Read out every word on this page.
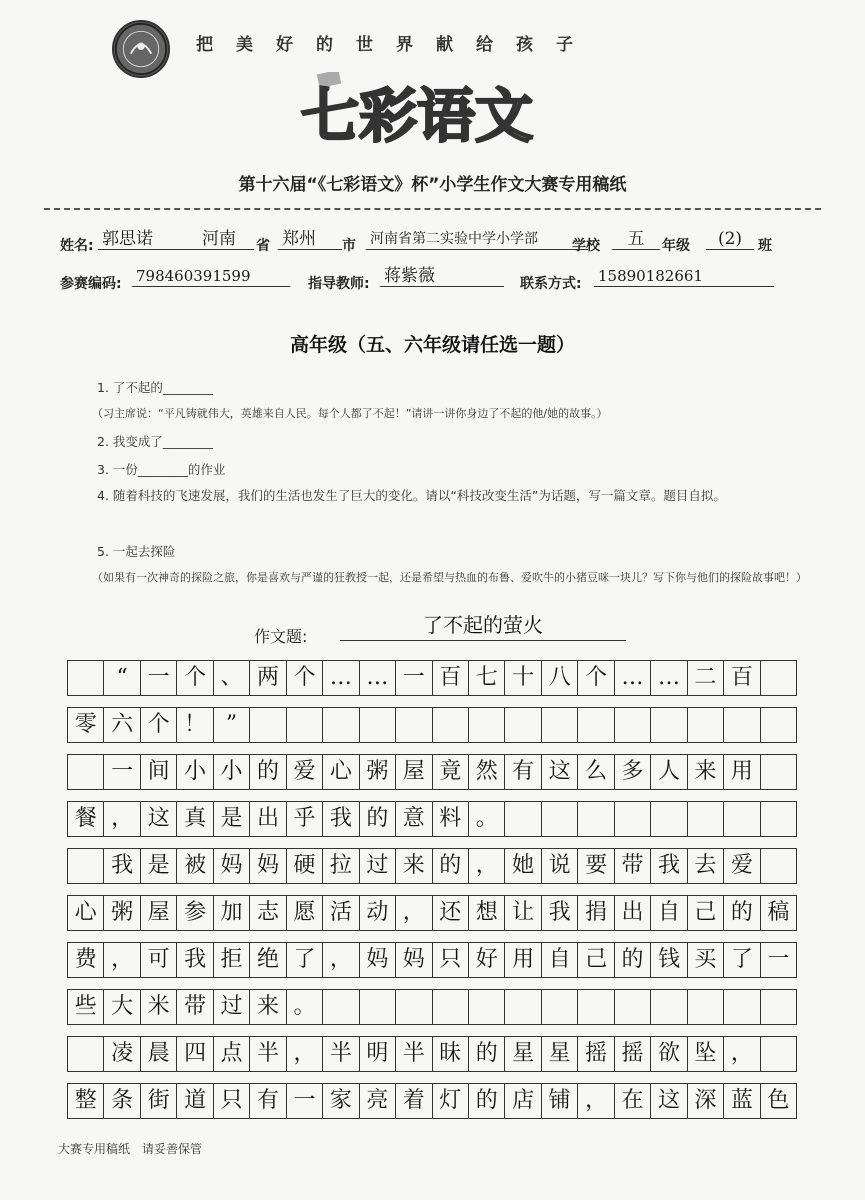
把美好的世界献给孩子
七彩语文
第十六届“《七彩语文》杯”小学生作文大赛专用稿纸
姓名: 郭思诺	河南	省 郑州	市 河南省第二实验中学小学部	学校	五	年级	(2)	班
参赛编码: 7984603915​99	指导教师: 蒋紫薇	联系方式: 15890182661
高年级（五、六年级请任选一题）
1. 了不起的________
（习主席说：“平凡铸就伟大，英雄来自人民。每个人都了不起！”请讲一讲你身边了不起的他/她的故事。）
2. 我变成了________
3. 一份________的作业
4. 随着科技的飞速发展，我们的生活也发生了巨大的变化。请以“科技改变生活”为话题，写一篇文章。题目自拟。
5. 一起去探险
（如果有一次神奇的探险之旅，你是喜欢与严谨的狂教授一起，还是希望与热血的布鲁、爱吹牛的小猪豆咪一块儿？写下你与他们的探险故事吧！）
作文题:	了不起的萤火
“ 一 个 、 两 个 … … 一 百 七 十 八 个 … … 二 百
零 六 个 ！ ”
一 间 小 小 的 爱 心 粥 屋 竟 然 有 这 么 多 人 来 用
餐 ， 这 真 是 出 乎 我 的 意 料 。
我 是 被 妈 妈 硬 拉 过 来 的 ， 她 说 要 带 我 去 爱
心 粥 屋 参 加 志 愿 活 动 ， 还 想 让 我 捐 出 自 己 的 稿
费 ， 可 我 拒 绝 了 ， 妈 妈 只 好 用 自 己 的 钱 买 了 一
些 大 米 带 过 来 。
凌 晨 四 点 半 ， 半 明 半 昧 的 星 星 摇 摇 欲 坠 ，
整 条 街 道 只 有 一 家 亮 着 灯 的 店 铺 ， 在 这 深 蓝 色
大赛专用稿纸　请妥善保管
